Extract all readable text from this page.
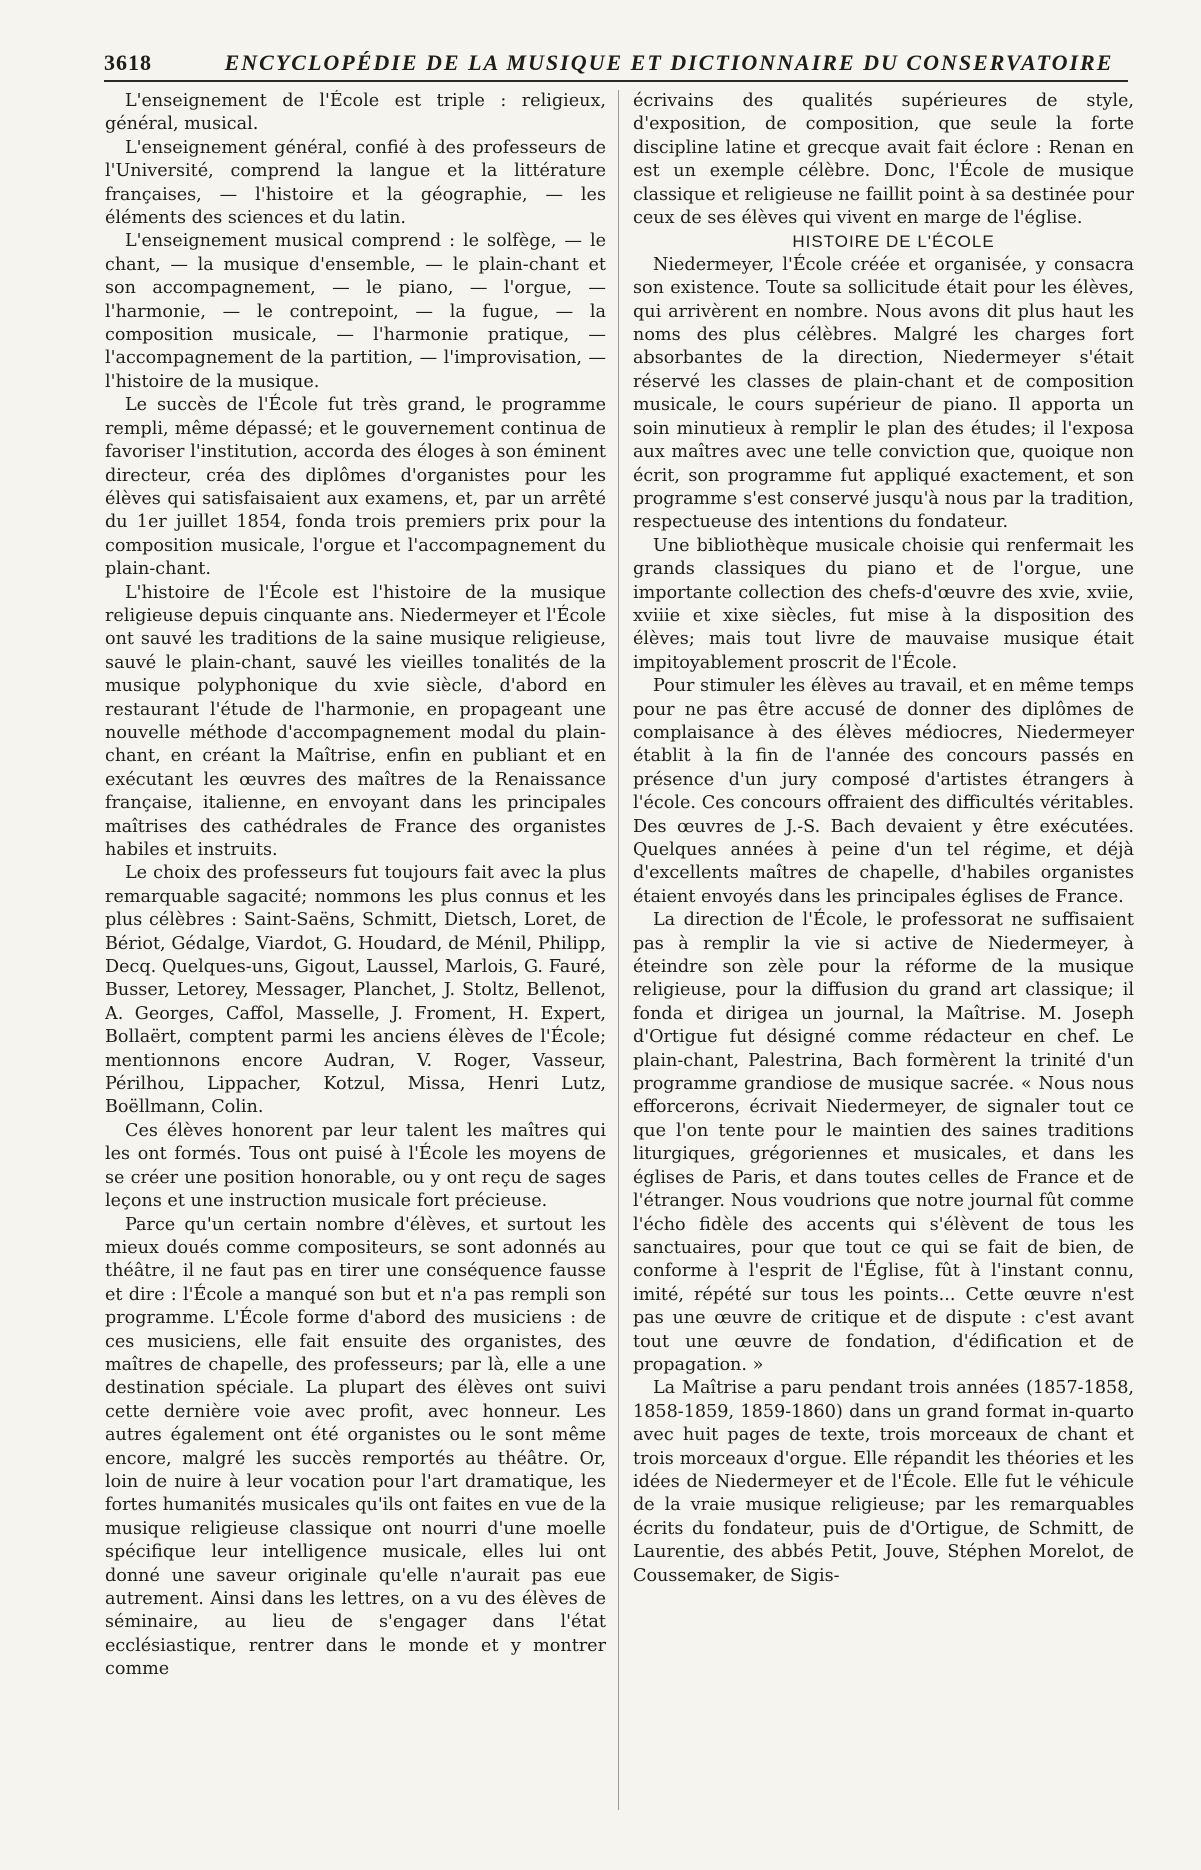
3618	ENCYCLOPÉDIE DE LA MUSIQUE ET DICTIONNAIRE DU CONSERVATOIRE

L'enseignement de l'École est triple : religieux, général, musical.

L'enseignement général, confié à des professeurs de l'Université, comprend la langue et la littérature françaises, — l'histoire et la géographie, — les éléments des sciences et du latin.

L'enseignement musical comprend : le solfège, — le chant, — la musique d'ensemble, — le plain-chant et son accompagnement, — le piano, — l'orgue, — l'harmonie, — le contrepoint, — la fugue, — la composition musicale, — l'harmonie pratique, — l'accompagnement de la partition, — l'improvisation, — l'histoire de la musique.

Le succès de l'École fut très grand, le programme rempli, même dépassé; et le gouvernement continua de favoriser l'institution, accorda des éloges à son éminent directeur, créa des diplômes d'organistes pour les élèves qui satisfaisaient aux examens, et, par un arrêté du 1er juillet 1854, fonda trois premiers prix pour la composition musicale, l'orgue et l'accompagnement du plain-chant.

L'histoire de l'École est l'histoire de la musique religieuse depuis cinquante ans. Niedermeyer et l'École ont sauvé les traditions de la saine musique religieuse, sauvé le plain-chant, sauvé les vieilles tonalités de la musique polyphonique du xvie siècle, d'abord en restaurant l'étude de l'harmonie, en propageant une nouvelle méthode d'accompagnement modal du plain-chant, en créant la Maîtrise, enfin en publiant et en exécutant les œuvres des maîtres de la Renaissance française, italienne, en envoyant dans les principales maîtrises des cathédrales de France des organistes habiles et instruits.

Le choix des professeurs fut toujours fait avec la plus remarquable sagacité; nommons les plus connus et les plus célèbres : Saint-Saëns, Schmitt, Dietsch, Loret, de Bériot, Gédalge, Viardot, G. Houdard, de Ménil, Philipp, Decq. Quelques-uns, Gigout, Laussel, Marlois, G. Fauré, Busser, Letorey, Messager, Planchet, J. Stoltz, Bellenot, A. Georges, Caffol, Masselle, J. Froment, H. Expert, Bollaërt, comptent parmi les anciens élèves de l'École; mentionnons encore Audran, V. Roger, Vasseur, Périlhou, Lippacher, Kotzul, Missa, Henri Lutz, Boëllmann, Colin.

Ces élèves honorent par leur talent les maîtres qui les ont formés. Tous ont puisé à l'École les moyens de se créer une position honorable, ou y ont reçu de sages leçons et une instruction musicale fort précieuse.

Parce qu'un certain nombre d'élèves, et surtout les mieux doués comme compositeurs, se sont adonnés au théâtre, il ne faut pas en tirer une conséquence fausse et dire : l'École a manqué son but et n'a pas rempli son programme. L'École forme d'abord des musiciens : de ces musiciens, elle fait ensuite des organistes, des maîtres de chapelle, des professeurs; par là, elle a une destination spéciale. La plupart des élèves ont suivi cette dernière voie avec profit, avec honneur. Les autres également ont été organistes ou le sont même encore, malgré les succès remportés au théâtre. Or, loin de nuire à leur vocation pour l'art dramatique, les fortes humanités musicales qu'ils ont faites en vue de la musique religieuse classique ont nourri d'une moelle spécifique leur intelligence musicale, elles lui ont donné une saveur originale qu'elle n'aurait pas eue autrement. Ainsi dans les lettres, on a vu des élèves de séminaire, au lieu de s'engager dans l'état ecclésiastique, rentrer dans le monde et y montrer comme

écrivains des qualités supérieures de style, d'exposition, de composition, que seule la forte discipline latine et grecque avait fait éclore : Renan en est un exemple célèbre. Donc, l'École de musique classique et religieuse ne faillit point à sa destinée pour ceux de ses élèves qui vivent en marge de l'église.

HISTOIRE DE L'ÉCOLE

Niedermeyer, l'École créée et organisée, y consacra son existence. Toute sa sollicitude était pour les élèves, qui arrivèrent en nombre. Nous avons dit plus haut les noms des plus célèbres. Malgré les charges fort absorbantes de la direction, Niedermeyer s'était réservé les classes de plain-chant et de composition musicale, le cours supérieur de piano. Il apporta un soin minutieux à remplir le plan des études; il l'exposa aux maîtres avec une telle conviction que, quoique non écrit, son programme fut appliqué exactement, et son programme s'est conservé jusqu'à nous par la tradition, respectueuse des intentions du fondateur.

Une bibliothèque musicale choisie qui renfermait les grands classiques du piano et de l'orgue, une importante collection des chefs-d'œuvre des xvie, xviie, xviiie et xixe siècles, fut mise à la disposition des élèves; mais tout livre de mauvaise musique était impitoyablement proscrit de l'École.

Pour stimuler les élèves au travail, et en même temps pour ne pas être accusé de donner des diplômes de complaisance à des élèves médiocres, Niedermeyer établit à la fin de l'année des concours passés en présence d'un jury composé d'artistes étrangers à l'école. Ces concours offraient des difficultés véritables. Des œuvres de J.-S. Bach devaient y être exécutées. Quelques années à peine d'un tel régime, et déjà d'excellents maîtres de chapelle, d'habiles organistes étaient envoyés dans les principales églises de France.

La direction de l'École, le professorat ne suffisaient pas à remplir la vie si active de Niedermeyer, à éteindre son zèle pour la réforme de la musique religieuse, pour la diffusion du grand art classique; il fonda et dirigea un journal, la Maîtrise. M. Joseph d'Ortigue fut désigné comme rédacteur en chef. Le plain-chant, Palestrina, Bach formèrent la trinité d'un programme grandiose de musique sacrée. « Nous nous efforcerons, écrivait Niedermeyer, de signaler tout ce que l'on tente pour le maintien des saines traditions liturgiques, grégoriennes et musicales, et dans les églises de Paris, et dans toutes celles de France et de l'étranger. Nous voudrions que notre journal fût comme l'écho fidèle des accents qui s'élèvent de tous les sanctuaires, pour que tout ce qui se fait de bien, de conforme à l'esprit de l'Église, fût à l'instant connu, imité, répété sur tous les points... Cette œuvre n'est pas une œuvre de critique et de dispute : c'est avant tout une œuvre de fondation, d'édification et de propagation. »

La Maîtrise a paru pendant trois années (1857-1858, 1858-1859, 1859-1860) dans un grand format in-quarto avec huit pages de texte, trois morceaux de chant et trois morceaux d'orgue. Elle répandit les théories et les idées de Niedermeyer et de l'École. Elle fut le véhicule de la vraie musique religieuse; par les remarquables écrits du fondateur, puis de d'Ortigue, de Schmitt, de Laurentie, des abbés Petit, Jouve, Stéphen Morelot, de Coussemaker, de Sigis-
